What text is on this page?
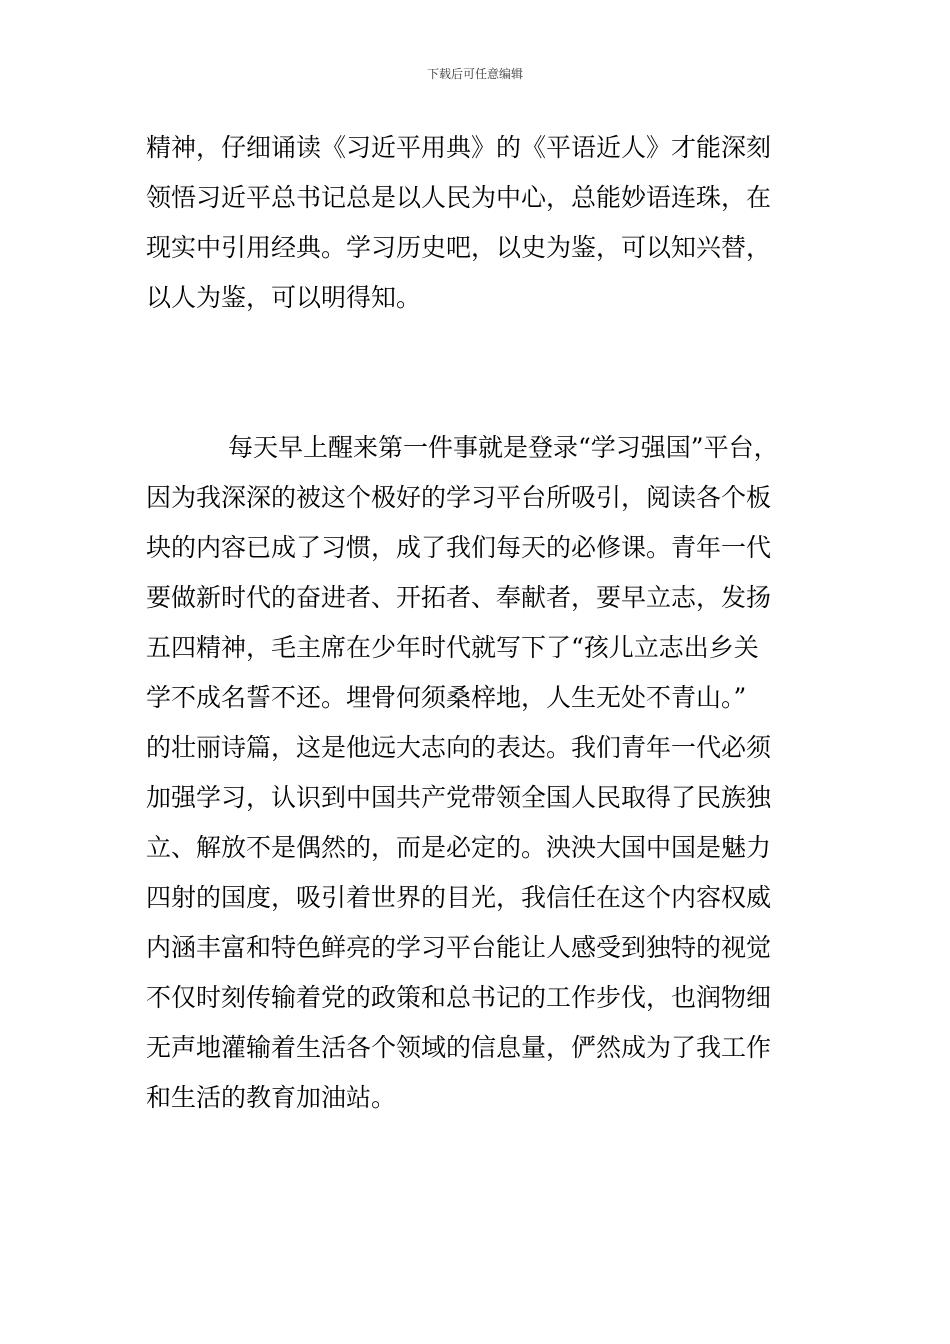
下载后可任意编辑
精神，仔细诵读《习近平用典》的《平语近人》才能深刻
领悟习近平总书记总是以人民为中心，总能妙语连珠，在
现实中引用经典。学习历史吧，以史为鉴，可以知兴替，
以人为鉴，可以明得知。
每天早上醒来第一件事就是登录“学习强国”平台，
因为我深深的被这个极好的学习平台所吸引，阅读各个板
块的内容已成了习惯，成了我们每天的必修课。青年一代
要做新时代的奋进者、开拓者、奉献者，要早立志，发扬
五四精神，毛主席在少年时代就写下了“孩儿立志出乡关
学不成名誓不还。埋骨何须桑梓地，人生无处不青山。”
的壮丽诗篇，这是他远大志向的表达。我们青年一代必须
加强学习，认识到中国共产党带领全国人民取得了民族独
立、解放不是偶然的，而是必定的。泱泱大国中国是魅力
四射的国度，吸引着世界的目光，我信任在这个内容权威
内涵丰富和特色鲜亮的学习平台能让人感受到独特的视觉
不仅时刻传输着党的政策和总书记的工作步伐，也润物细
无声地灌输着生活各个领域的信息量，俨然成为了我工作
和生活的教育加油站。
